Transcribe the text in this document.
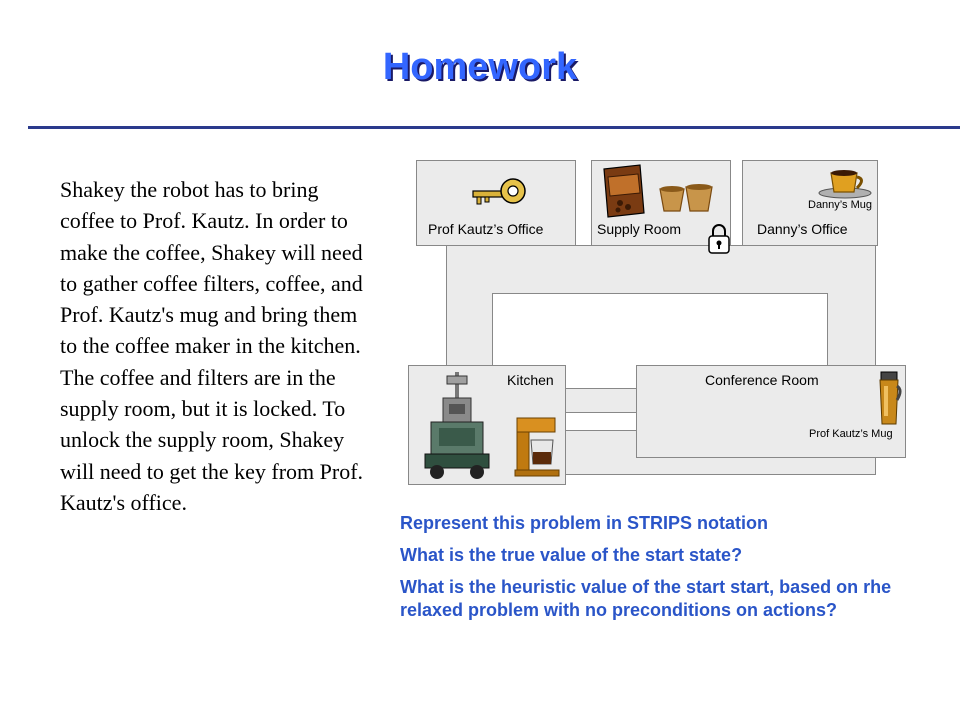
Homework
Shakey the robot has to bring coffee to Prof. Kautz. In order to make the coffee, Shakey will need to gather coffee filters, coffee, and Prof. Kautz's mug and bring them to the coffee maker in the kitchen. The coffee and filters are in the supply room, but it is locked. To unlock the supply room, Shakey will need to get the key from Prof. Kautz's office.
Prof Kautz’s Office	Supply Room
Danny’s Mug
Danny’s Office
Kitchen	Conference Room
Prof Kautz’s Mug

Represent this problem in STRIPS notation

What is the true value of the start state?

What is the heuristic value of the start start, based on rhe relaxed problem with no preconditions on actions?
